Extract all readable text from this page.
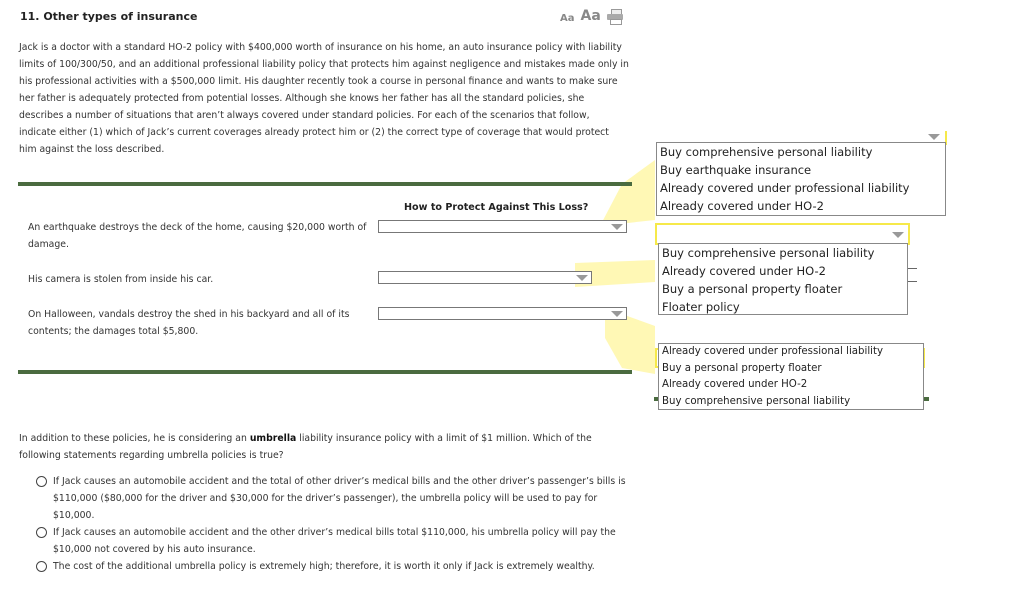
11. Other types of insurance	Aa Aa
Jack is a doctor with a standard HO-2 policy with $400,000 worth of insurance on his home, an auto insurance policy with liability limits of 100/300/50, and an additional professional liability policy that protects him against negligence and mistakes made only in his professional activities with a $500,000 limit. His daughter recently took a course in personal finance and wants to make sure her father is adequately protected from potential losses. Although she knows her father has all the standard policies, she describes a number of situations that aren’t always covered under standard policies. For each of the scenarios that follow, indicate either (1) which of Jack’s current coverages already protect him or (2) the correct type of coverage that would protect him against the loss described.
How to Protect Against This Loss?
An earthquake destroys the deck of the home, causing $20,000 worth of damage.
His camera is stolen from inside his car.
On Halloween, vandals destroy the shed in his backyard and all of its contents; the damages total $5,800.
Buy comprehensive personal liability
Buy earthquake insurance
Already covered under professional liability
Already covered under HO-2
Buy comprehensive personal liability
Already covered under HO-2
Buy a personal property floater
Floater policy
Already covered under professional liability
Buy a personal property floater
Already covered under HO-2
Buy comprehensive personal liability
In addition to these policies, he is considering an umbrella liability insurance policy with a limit of $1 million. Which of the following statements regarding umbrella policies is true?
If Jack causes an automobile accident and the total of other driver’s medical bills and the other driver’s passenger’s bills is $110,000 ($80,000 for the driver and $30,000 for the driver’s passenger), the umbrella policy will be used to pay for $10,000.
If Jack causes an automobile accident and the other driver’s medical bills total $110,000, his umbrella policy will pay the $10,000 not covered by his auto insurance.
The cost of the additional umbrella policy is extremely high; therefore, it is worth it only if Jack is extremely wealthy.
